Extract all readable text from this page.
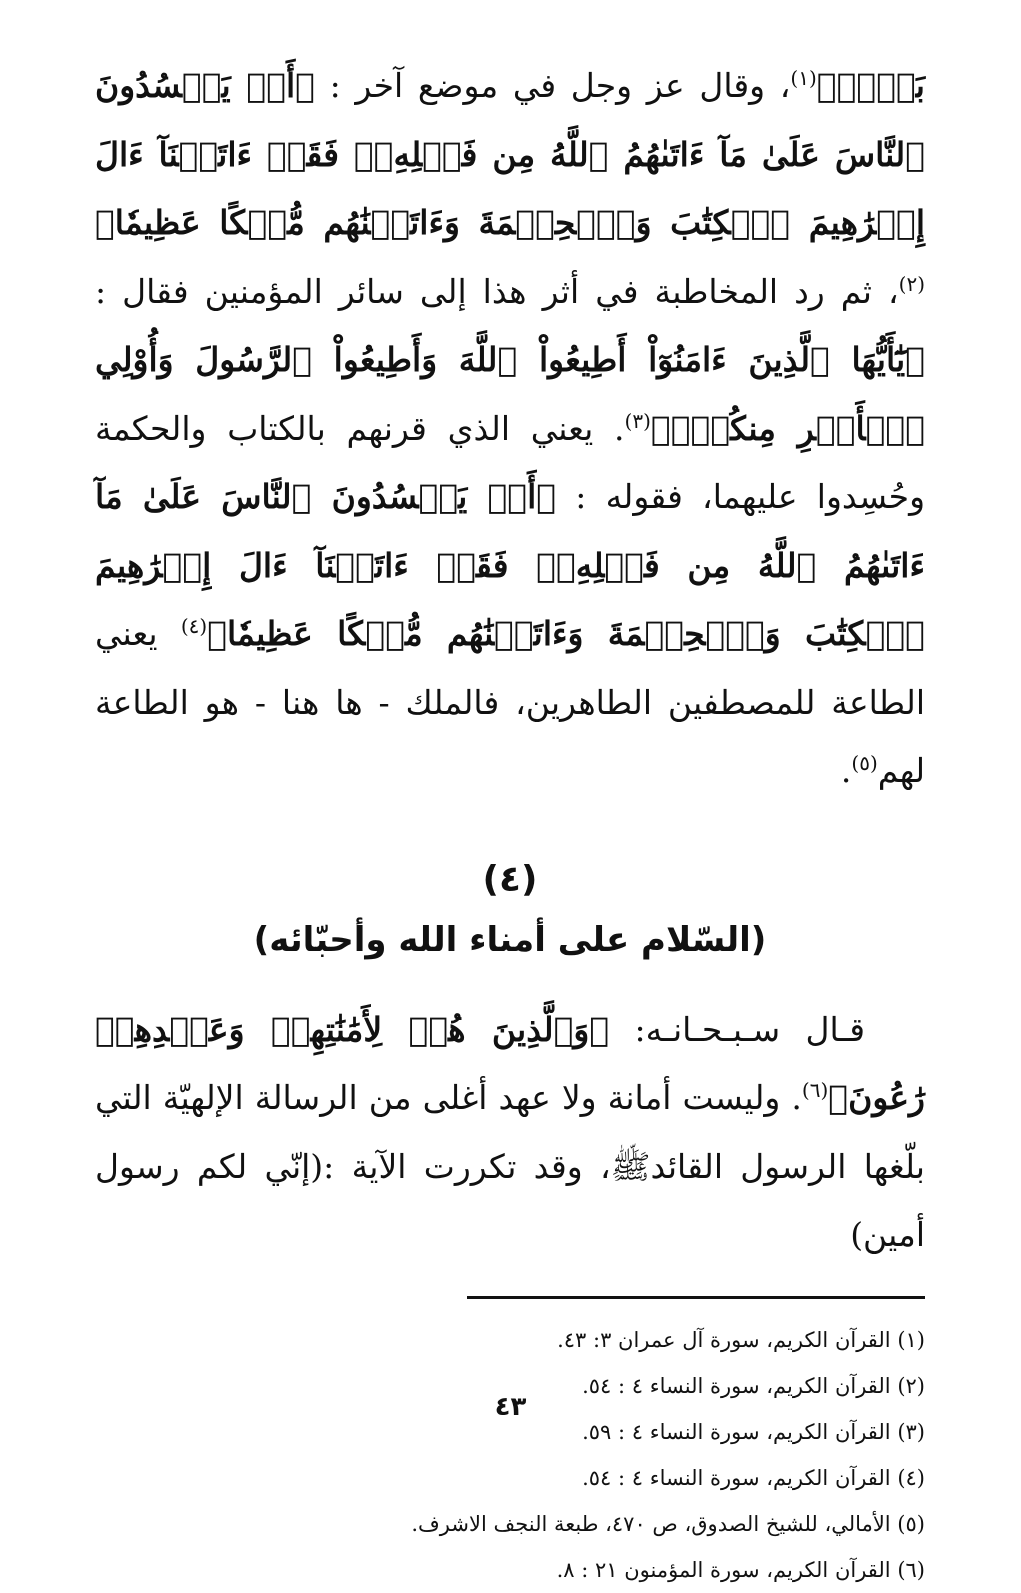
بَعۡضٖ﴾$^{(١)}$، وقال عز وجل في موضع آخر : ﴿أَمۡ يَحۡسُدُونَ ٱلنَّاسَ عَلَىٰ مَآ ءَاتَىٰهُمُ ٱللَّهُ مِن فَضۡلِهِۦۖ فَقَدۡ ءَاتَيۡنَآ ءَالَ إِبۡرَٰهِيمَ ٱلۡكِتَٰبَ وَٱلۡحِكۡمَةَ وَءَاتَيۡنَٰهُم مُّلۡكًا عَظِيمٗا﴾$^{(٢)}$، ثم رد المخاطبة في أثر هذا إلى سائر المؤمنين فقال : ﴿يَٰٓأَيُّهَا ٱلَّذِينَ ءَامَنُوٓاْ أَطِيعُواْ ٱللَّهَ وَأَطِيعُواْ ٱلرَّسُولَ وَأُوْلِي ٱلۡأَمۡرِ مِنكُمۡۖ﴾$^{(٣)}$. يعني الذي قرنهم بالكتاب والحكمة وحُسِدوا عليهما، فقوله : ﴿أَمۡ يَحۡسُدُونَ ٱلنَّاسَ عَلَىٰ مَآ ءَاتَىٰهُمُ ٱللَّهُ مِن فَضۡلِهِۦۖ فَقَدۡ ءَاتَيۡنَآ ءَالَ إِبۡرَٰهِيمَ ٱلۡكِتَٰبَ وَٱلۡحِكۡمَةَ وَءَاتَيۡنَٰهُم مُّلۡكًا عَظِيمٗا﴾$^{(٤)}$ يعني الطاعة للمصطفين الطاهرين، فالملك - ها هنا - هو الطاعة لهم$^{(٥)}$.

(٤)
(السّلام على أمناء الله وأحبّائه)

قـال سـبـحـانـه: ﴿وَٱلَّذِينَ هُمۡ لِأَمَٰنَٰتِهِمۡ وَعَهۡدِهِمۡ رَٰعُونَ﴾$^{(٦)}$. وليست أمانة ولا عهد أغلى من الرسالة الإلهيّة التي بلّغها الرسول القائدﷺ، وقد تكررت الآية :(إنّي لكم رسول أمين)

(١) القرآن الكريم، سورة آل عمران ٣: ٤٣.
(٢) القرآن الكريم، سورة النساء ٤ : ٥٤.
(٣) القرآن الكريم، سورة النساء ٤ : ٥٩.
(٤) القرآن الكريم، سورة النساء ٤ : ٥٤.
(٥) الأمالي، للشيخ الصدوق، ص ٤٧٠، طبعة النجف الاشرف.
(٦) القرآن الكريم، سورة المؤمنون ٢١ : ٨.
٤٣
